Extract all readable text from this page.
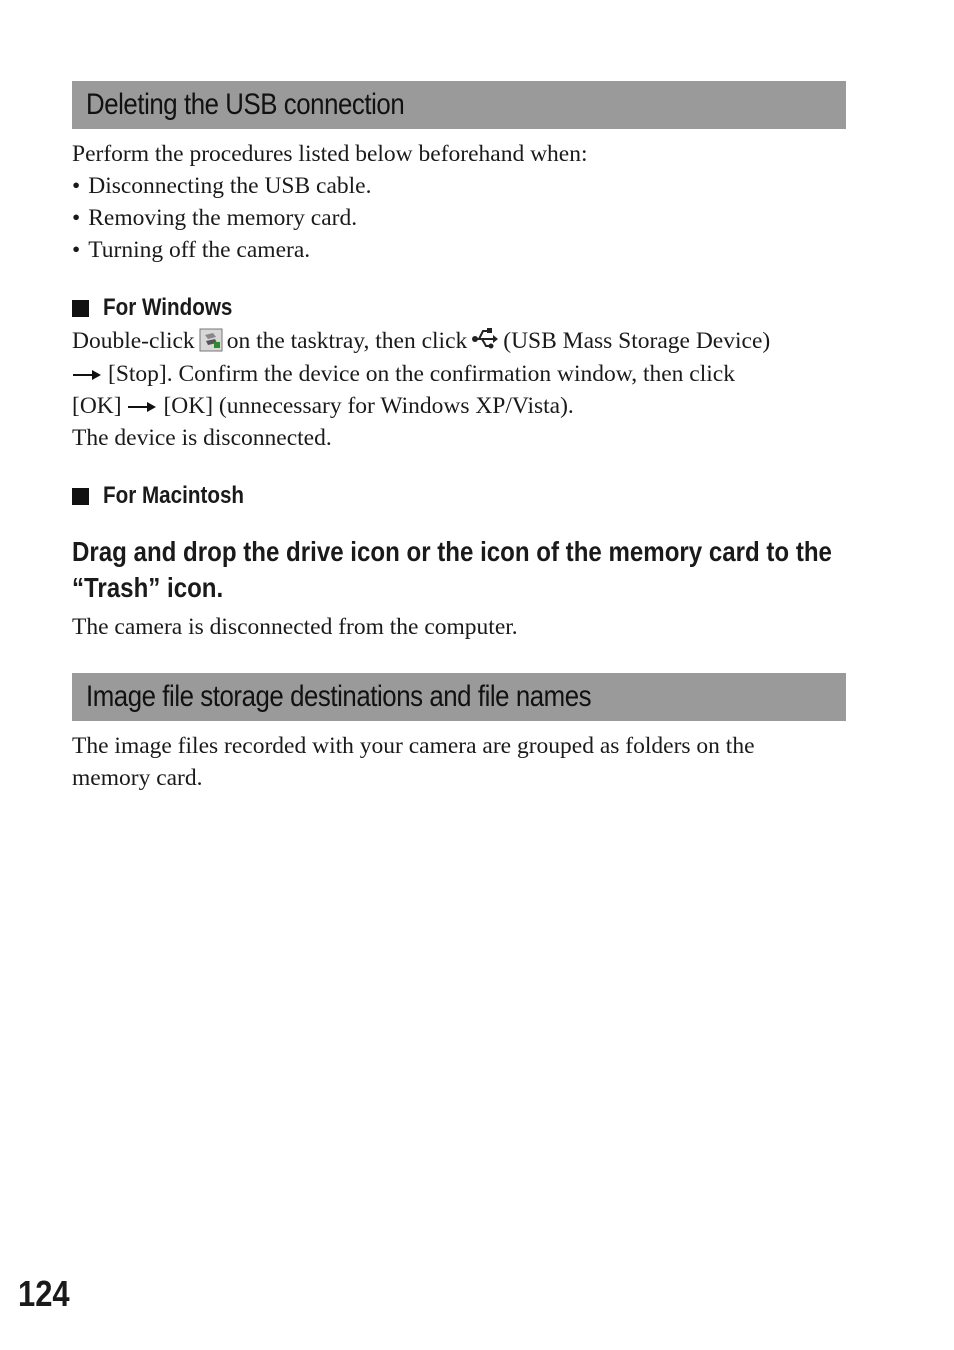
Deleting the USB connection
Perform the procedures listed below beforehand when:
• Disconnecting the USB cable.
• Removing the memory card.
• Turning off the camera.
For Windows
Double-click on the tasktray, then click (USB Mass Storage Device)
[Stop]. Confirm the device on the confirmation window, then click
[OK] [OK] (unnecessary for Windows XP/Vista).
The device is disconnected.
For Macintosh
Drag and drop the drive icon or the icon of the memory card to the
“Trash” icon.
The camera is disconnected from the computer.
Image file storage destinations and file names
The image files recorded with your camera are grouped as folders on the
memory card.
124
